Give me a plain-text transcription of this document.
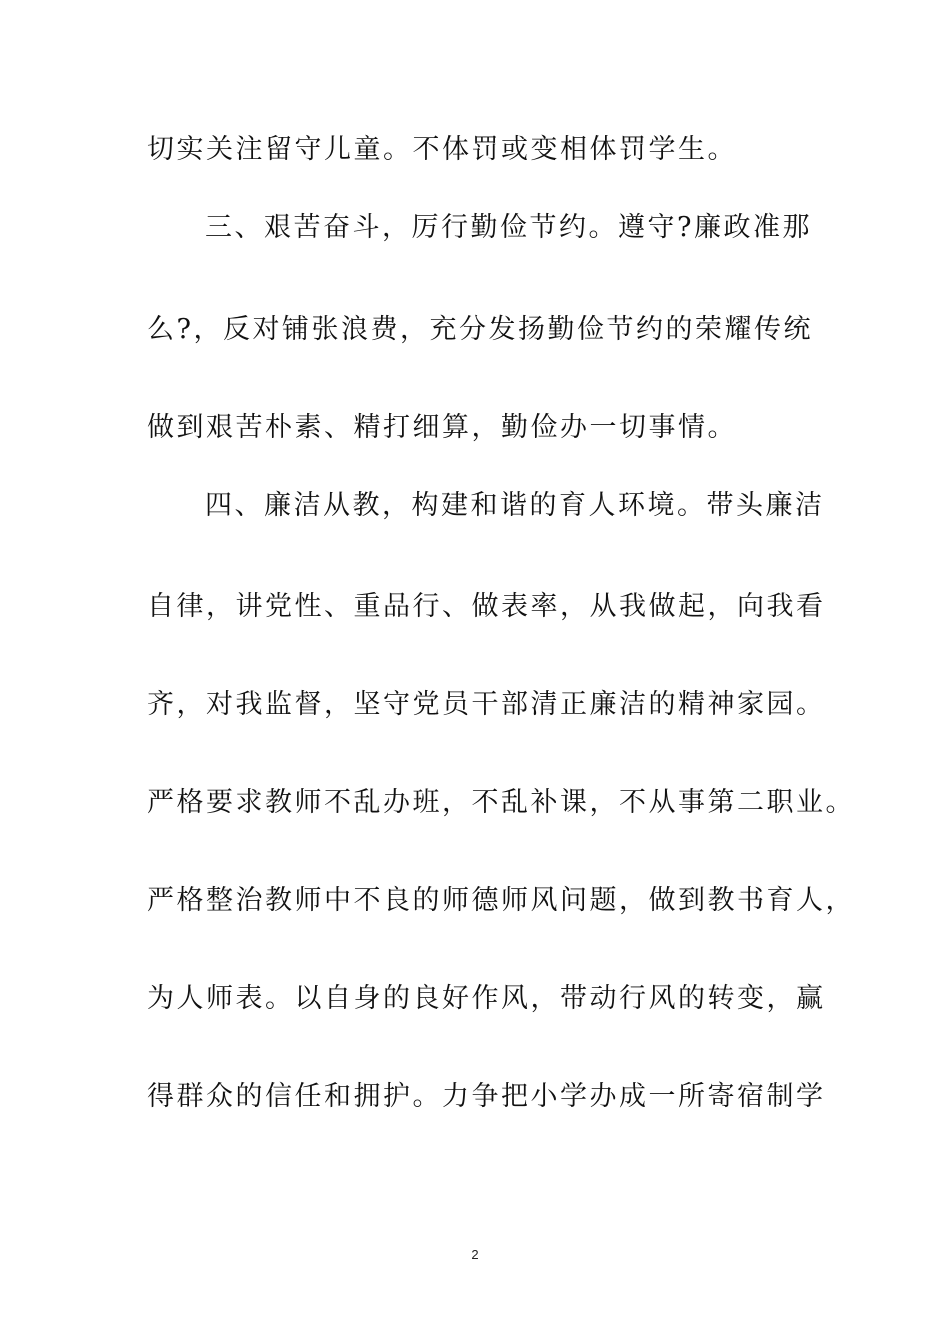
切实关注留守儿童。不体罚或变相体罚学生。
三、艰苦奋斗，厉行勤俭节约。遵守?廉政准那
么?，反对铺张浪费，充分发扬勤俭节约的荣耀传统
做到艰苦朴素、精打细算，勤俭办一切事情。
四、廉洁从教，构建和谐的育人环境。带头廉洁
自律，讲党性、重品行、做表率，从我做起，向我看
齐，对我监督，坚守党员干部清正廉洁的精神家园。
严格要求教师不乱办班，不乱补课，不从事第二职业。
严格整治教师中不良的师德师风问题，做到教书育人，
为人师表。以自身的良好作风，带动行风的转变，赢
得群众的信任和拥护。力争把小学办成一所寄宿制学
2
